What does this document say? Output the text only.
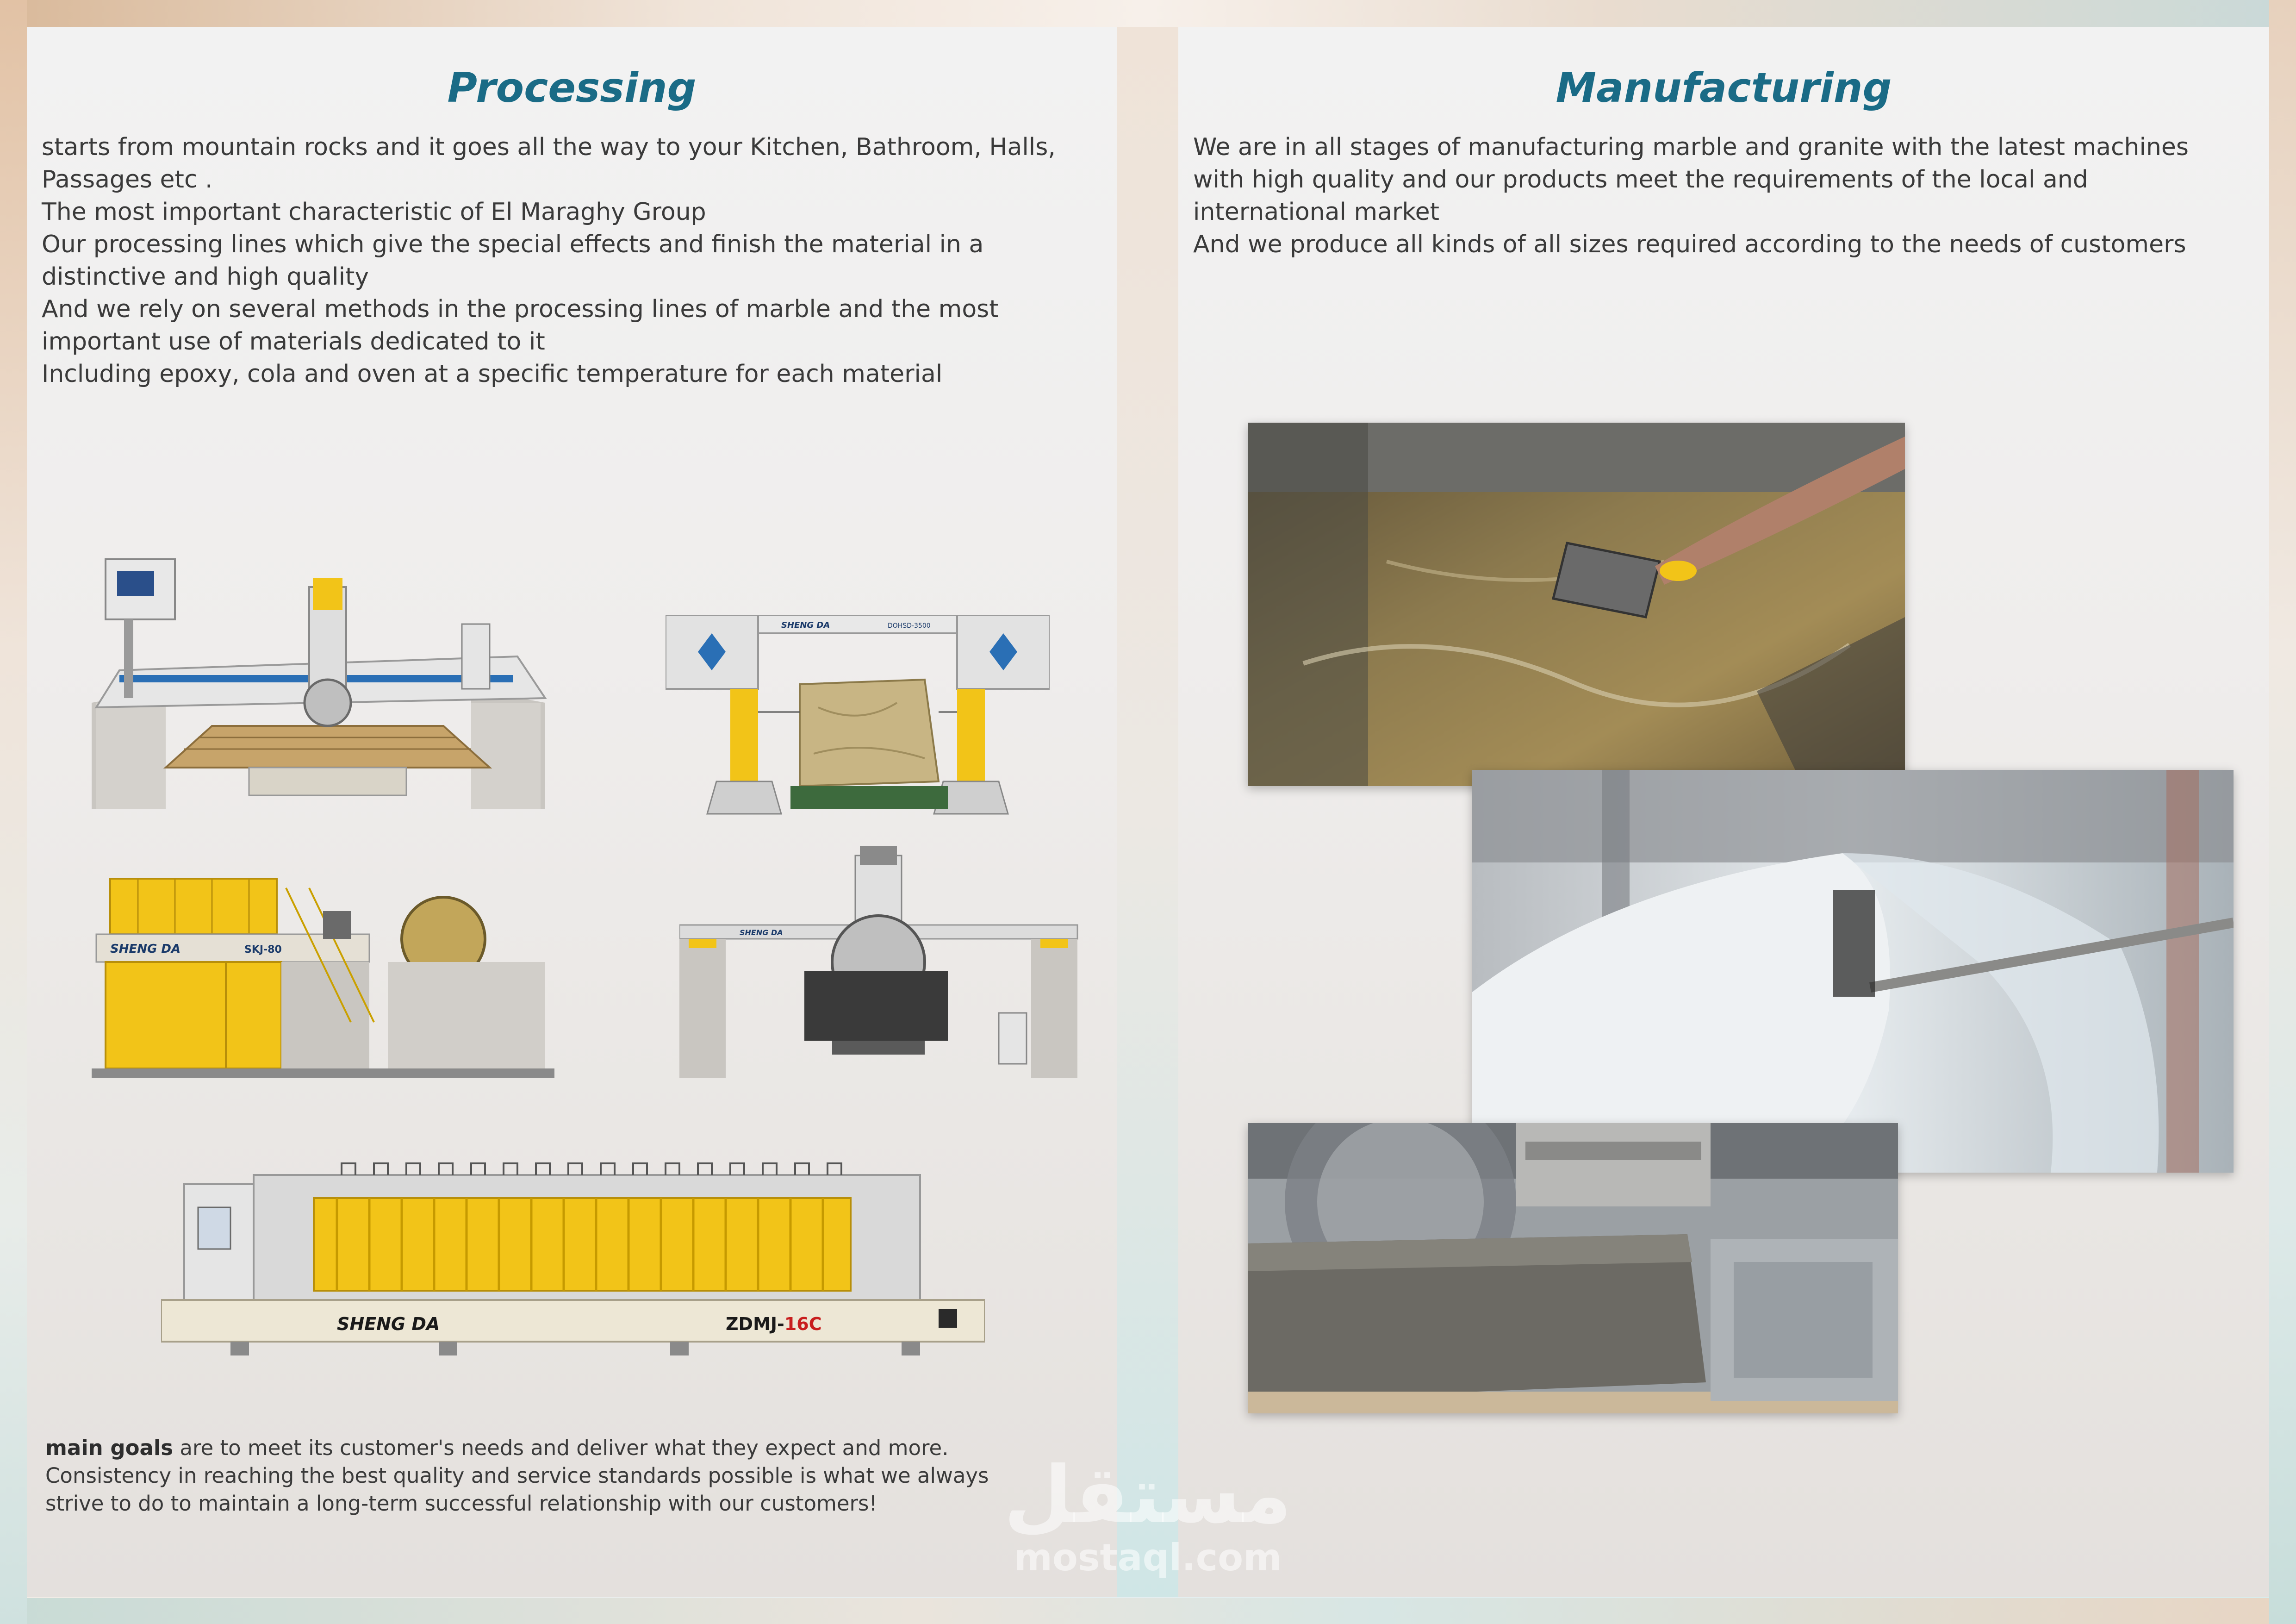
Processing

starts from mountain rocks and it goes all the way to your Kitchen, Bathroom, Halls, Passages etc .

The most important characteristic of El Maraghy Group

Our processing lines which give the special effects and finish the material in a distinctive and high quality

And we rely on several methods in the processing lines of marble and the most important use of materials dedicated to it

Including epoxy, cola and oven at a specific temperature for each material

SHENG DA	DOHSD-3500
SHENG DA	SKJ-80
SHENG DA
SHENG DA	ZDMJ-16C

main goals are to meet its customer's needs and deliver what they expect and more.

Consistency in reaching the best quality and service standards possible is what we always

strive to do to maintain a long-term successful relationship with our customers!

Manufacturing

We are in all stages of manufacturing marble and granite with the latest machines with high quality and our products meet the requirements of the local and international market

And we produce all kinds of all sizes required according to the needs of customers

مستقل
mostaql.com
